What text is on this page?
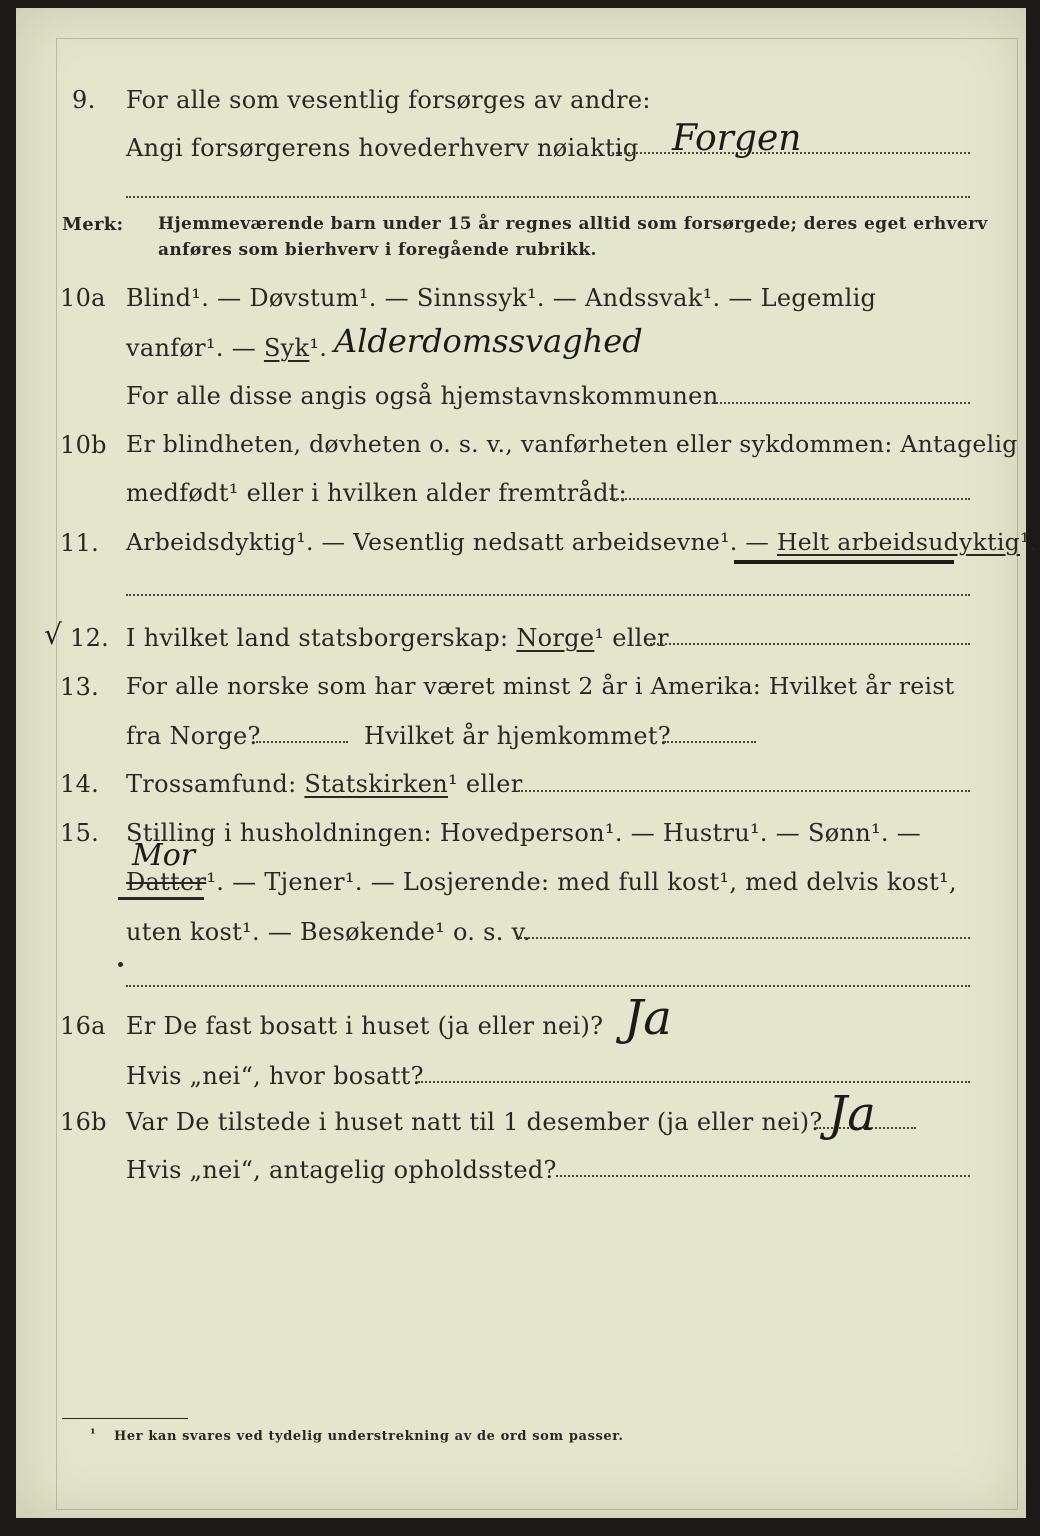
9. For alle som vesentlig forsørges av andre:
Angi forsørgerens hovederhverv nøiaktig Forgen
Merk: Hjemmeværende barn under 15 år regnes alltid som forsørgede; deres eget erhverv
anføres som bierhverv i foregående rubrikk.
10a Blind¹. — Døvstum¹. — Sinnssyk¹. — Andssvak¹. — Legemlig
vanfør¹. — Syk¹. Alderdomssvaghed
For alle disse angis også hjemstavnskommunen
10b Er blindheten, døvheten o. s. v., vanførheten eller sykdommen: Antagelig
medfødt¹ eller i hvilken alder fremtrådt:
11. Arbeidsdyktig¹. — Vesentlig nedsatt arbeidsevne¹. — Helt arbeidsudyktig¹.
√ 12. I hvilket land statsborgerskap: Norge¹ eller
13. For alle norske som har været minst 2 år i Amerika: Hvilket år reist
fra Norge?	Hvilket år hjemkommet?
14. Trossamfund: Statskirken¹ eller
15. Stilling i husholdningen: Hovedperson¹. — Hustru¹. — Sønn¹. —
Mor
Datter¹. — Tjener¹. — Losjerende: med full kost¹, med delvis kost¹,
uten kost¹. — Besøkende¹ o. s. v.
16a Er De fast bosatt i huset (ja eller nei)? Ja
Hvis „nei“, hvor bosatt?
16b Var De tilstede i huset natt til 1 desember (ja eller nei)? Ja
Hvis „nei“, antagelig opholdssted?
¹ Her kan svares ved tydelig understrekning av de ord som passer.
